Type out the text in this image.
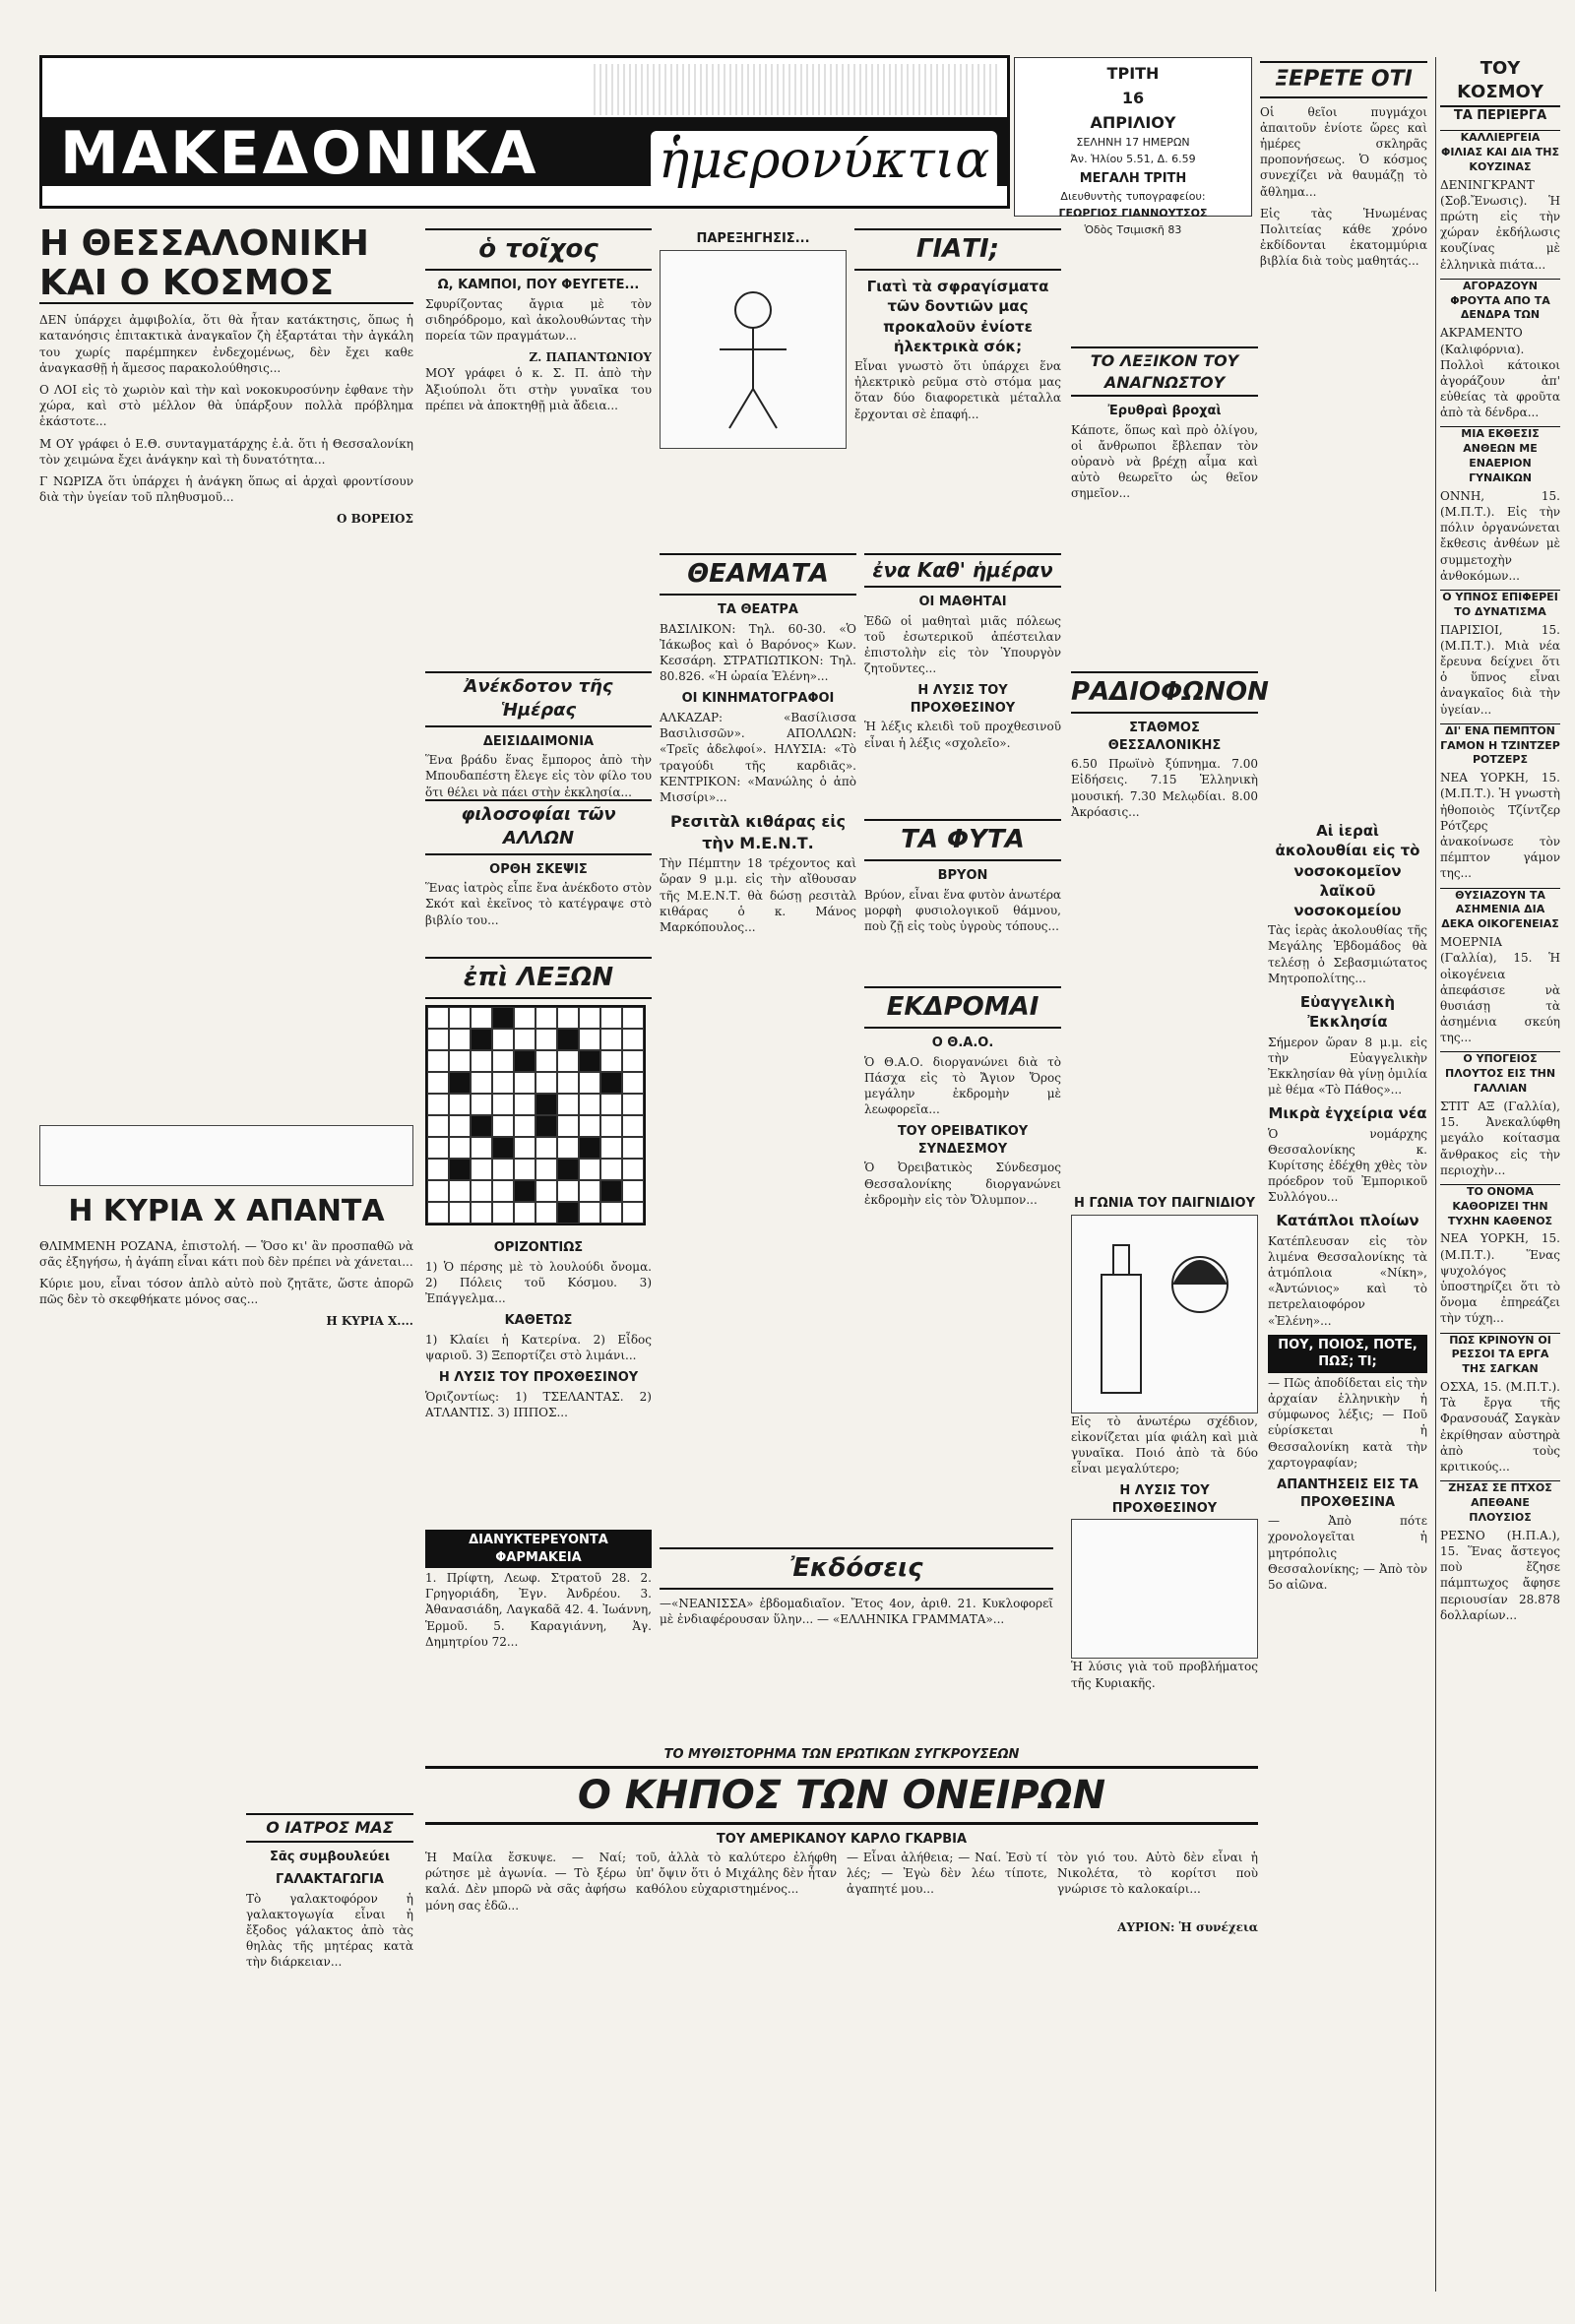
ΜΑΚΕΔΟΝΙΚΑ ἡμερονύκτια
ΤΡΙΤΗ
16
ΑΠΡΙΛΙΟΥ
ΣΕΛΗΝΗ 17 ΗΜΕΡΩΝ
Ἀν. Ἡλίου 5.51, Δ. 6.59
ΜΕΓΑΛΗ ΤΡΙΤΗ
Διευθυντὴς τυπογραφείου:
ΓΕΩΡΓΙΟΣ ΓΙΑΝΝΟΥΤΣΟΣ
Ὁδὸς Τσιμισκῆ 83
ΞΕΡΕΤΕ ΟΤΙ

Οἱ θεῖοι πυγμάχοι ἀπαιτοῦν ἐνίοτε ὥρες καὶ ἡμέρες σκληρᾶς προπονήσεως. Ὁ κόσμος συνεχίζει νὰ θαυμάζῃ τὸ ἄθλημα...

Εἰς τὰς Ἡνωμένας Πολιτείας κάθε χρόνο ἐκδίδονται ἑκατομμύρια βιβλία διὰ τοὺς μαθητάς...

ΤΟΥ ΚΟΣΜΟΥ
ΤΑ ΠΕΡΙΕΡΓΑ
ΚΑΛΛΙΕΡΓΕΙΑ ΦΙΛΙΑΣ ΚΑΙ ΔΙΑ ΤΗΣ ΚΟΥΖΙΝΑΣ

ΔΕΝΙΝΓΚΡΑΝΤ (Σοβ.Ἔνωσις). Ἡ πρώτη εἰς τὴν χώραν ἐκδήλωσις κουζίνας μὲ ἑλληνικὰ πιάτα...

ΑΓΟΡΑΖΟΥΝ ΦΡΟΥΤΑ ΑΠΟ ΤΑ ΔΕΝΔΡΑ ΤΩΝ

ΑΚΡΑΜΕΝΤΟ (Καλιφόρνια). Πολλοὶ κάτοικοι ἀγοράζουν ἀπ' εὐθείας τὰ φροῦτα ἀπὸ τὰ δένδρα...

ΜΙΑ ΕΚΘΕΣΙΣ ΑΝΘΕΩΝ ΜΕ ΕΝΑΕΡΙΟΝ ΓΥΝΑΙΚΩΝ

ΟΝΝΗ, 15. (Μ.Π.Τ.). Εἰς τὴν πόλιν ὀργανώνεται ἔκθεσις ἀνθέων μὲ συμμετοχὴν ἀνθοκόμων...

Ο ΥΠΝΟΣ ΕΠΙΦΕΡΕΙ ΤΟ ΔΥΝΑΤΙΣΜΑ

ΠΑΡΙΣΙΟΙ, 15. (Μ.Π.Τ.). Μιὰ νέα ἔρευνα δείχνει ὅτι ὁ ὕπνος εἶναι ἀναγκαῖος διὰ τὴν ὑγείαν...

ΔΙ' ΕΝΑ ΠΕΜΠΤΟΝ ΓΑΜΟΝ Η ΤΖΙΝΤΖΕΡ ΡΟΤΖΕΡΣ

ΝΕΑ ΥΟΡΚΗ, 15. (Μ.Π.Τ.). Ἡ γνωστὴ ἠθοποιὸς Τζίντζερ Ρότζερς ἀνακοίνωσε τὸν πέμπτον γάμον της...

ΘΥΣΙΑΖΟΥΝ ΤΑ ΑΣΗΜΕΝΙΑ ΔΙΑ ΔΕΚΑ ΟΙΚΟΓΕΝΕΙΑΣ

ΜΟΕΡΝΙΑ (Γαλλία), 15. Ἡ οἰκογένεια ἀπεφάσισε νὰ θυσιάσῃ τὰ ἀσημένια σκεύη της...

Ο ΥΠΟΓΕΙΟΣ ΠΛΟΥΤΟΣ ΕΙΣ ΤΗΝ ΓΑΛΛΙΑΝ

ΣΤΙΤ ΑΞ (Γαλλία), 15. Ἀνεκαλύφθη μεγάλο κοίτασμα ἄνθρακος εἰς τὴν περιοχὴν...

ΤΟ ΟΝΟΜΑ ΚΑΘΟΡΙΖΕΙ ΤΗΝ ΤΥΧΗΝ ΚΑΘΕΝΟΣ

ΝΕΑ ΥΟΡΚΗ, 15. (Μ.Π.Τ.). Ἕνας ψυχολόγος ὑποστηρίζει ὅτι τὸ ὄνομα ἐπηρεάζει τὴν τύχη...

ΠΩΣ ΚΡΙΝΟΥΝ ΟΙ ΡΕΣΣΟΙ ΤΑ ΕΡΓΑ ΤΗΣ ΣΑΓΚΑΝ

ΟΣΧΑ, 15. (Μ.Π.Τ.). Τὰ ἔργα τῆς Φρανσουάζ Σαγκὰν ἐκρίθησαν αὐστηρὰ ἀπὸ τοὺς κριτικούς...

ΖΗΣΑΣ ΣΕ ΠΤΧΟΣ ΑΠΕΘΑΝΕ ΠΛΟΥΣΙΟΣ

ΡΕΣΝΟ (Η.Π.Α.), 15. Ἕνας ἄστεγος ποὺ ἔζησε πάμπτωχος ἄφησε περιουσίαν 28.878 δολλαρίων...

Η ΘΕΣΣΑΛΟΝΙΚΗ ΚΑΙ Ο ΚΟΣΜΟΣ

ΔΕΝ ὑπάρχει ἀμφιβολία, ὅτι θὰ ἦταν κατάκτησις, ὅπως ἡ κατανόησις ἐπιτακτικὰ ἀναγκαῖον ζὴ ἐξαρτάται τὴν ἀγκάλη του χωρίς παρέμπηκεν ἐνδεχομένως, δὲν ἔχει καθε ἀναγκασθῇ ἡ ἄμεσος παρακολούθησις...

Ο ΛΟΙ εἰς τὸ χωριὸν καὶ τὴν καὶ νοκοκυροσύνην ἐφθανε τὴν χώρα, καὶ στὸ μέλλον θὰ ὑπάρξουν πολλὰ πρόβλημα ἑκάστοτε...

Μ ΟΥ γράφει ὁ Ε.Θ. συνταγματάρχης ἐ.ἀ. ὅτι ἡ Θεσσαλονίκη τὸν χειμώνα ἔχει ἀνάγκην καὶ τὴ δυνατότητα...

Γ ΝΩΡΙΖΑ ὅτι ὑπάρχει ἡ ἀνάγκη ὅπως αἱ ἀρχαὶ φροντίσουν διὰ τὴν ὑγείαν τοῦ πληθυσμοῦ...

Ο ΒΟΡΕΙΟΣ
ὁ τοῖχος
Ω, ΚΑΜΠΟΙ, ΠΟΥ ΦΕΥΓΕΤΕ...

Σφυρίζοντας ἄγρια μὲ τὸν σιδηρόδρομο, καὶ ἀκολουθώντας τὴν πορεία τῶν πραγμάτων...

Ζ. ΠΑΠΑΝΤΩΝΙΟΥ

ΜΟΥ γράφει ὁ κ. Σ. Π. ἀπὸ τὴν Ἀξιούπολι ὅτι στὴν γυναῖκα του πρέπει νὰ ἀποκτηθῇ μιὰ ἄδεια...

ΠΑΡΕΞΗΓΗΣΙΣ...	ΓΙΑΤΙ;
Γιατὶ τὰ σφραγίσματα τῶν δοντιῶν μας προκαλοῦν ἐνίοτε ἠλεκτρικὰ σόκ;

Εἶναι γνωστὸ ὅτι ὑπάρχει ἕνα ἠλεκτρικὸ ρεῦμα στὸ στόμα μας ὅταν δύο διαφορετικὰ μέταλλα ἔρχονται σὲ ἐπαφή...

ΤΟ ΛΕΞΙΚΟΝ ΤΟΥ ΑΝΑΓΝΩΣΤΟΥ
Ἐρυθραὶ βροχαὶ

Κάποτε, ὅπως καὶ πρὸ ὀλίγου, οἱ ἄνθρωποι ἔβλεπαν τὸν οὐρανὸ νὰ βρέχῃ αἷμα καὶ αὐτὸ θεωρεῖτο ὡς θεῖον σημεῖον...

Ἀνέκδοτον τῆς Ἡμέρας
ΔΕΙΣΙΔΑΙΜΟΝΙΑ

Ἕνα βράδυ ἕνας ἔμπορος ἀπὸ τὴν Μπουδαπέστη ἔλεγε εἰς τὸν φίλο του ὅτι θέλει νὰ πάει στὴν ἐκκλησία...

φιλοσοφίαι τῶν ΑΛΛΩΝ
ΟΡΘΗ ΣΚΕΨΙΣ

Ἕνας ἰατρὸς εἶπε ἕνα ἀνέκδοτο στὸν Σκότ καὶ ἐκεῖνος τὸ κατέγραψε στὸ βιβλίο του...

ἐπὶ ΛΕΞΩΝ
ΟΡΙΖΟΝΤΙΩΣ

1) Ὁ πέρσης μὲ τὸ λουλούδι ὄνομα. 2) Πόλεις τοῦ Κόσμου. 3) Ἐπάγγελμα...

ΚΑΘΕΤΩΣ

1) Κλαίει ἡ Κατερίνα. 2) Εἶδος ψαριοῦ. 3) Ξεπορτίζει στὸ λιμάνι...

Η ΛΥΣΙΣ ΤΟΥ ΠΡΟΧΘΕΣΙΝΟΥ

Ὁριζοντίως: 1) ΤΣΕΛΑΝΤΑΣ. 2) ΑΤΛΑΝΤΙΣ. 3) ΙΠΠΟΣ...

ΔΙΑΝΥΚΤΕΡΕΥΟΝΤΑ ΦΑΡΜΑΚΕΙΑ

1. Πρίφτη, Λεωφ. Στρατοῦ 28. 2. Γρηγοριάδη, Ἐγν. Ἀνδρέου. 3. Ἀθανασιάδη, Λαγκαδᾶ 42. 4. Ἰωάννη, Ἑρμοῦ. 5. Καραγιάννη, Ἁγ. Δημητρίου 72...

ΘΕΑΜΑΤΑ
ΤΑ ΘΕΑΤΡΑ

ΒΑΣΙΛΙΚΟΝ: Τηλ. 60-30. «Ὁ Ἰάκωβος καὶ ὁ Βαρόνος» Κων. Κεσσάρη. ΣΤΡΑΤΙΩΤΙΚΟΝ: Τηλ. 80.826. «Ἡ ὡραία Ἑλένη»...

ΟΙ ΚΙΝΗΜΑΤΟΓΡΑΦΟΙ

ΑΛΚΑΖΑΡ: «Βασίλισσα Βασιλισσῶν». ΑΠΟΛΛΩΝ: «Τρεῖς ἀδελφοί». ΗΛΥΣΙΑ: «Τὸ τραγούδι τῆς καρδιᾶς». ΚΕΝΤΡΙΚΟΝ: «Μανώλης ὁ ἀπὸ Μισσίρι»...

Ρεσιτὰλ κιθάρας εἰς τὴν Μ.Ε.Ν.Τ.

Τὴν Πέμπτην 18 τρέχοντος καὶ ὥραν 9 μ.μ. εἰς τὴν αἴθουσαν τῆς Μ.Ε.Ν.Τ. θὰ δώσῃ ρεσιτὰλ κιθάρας ὁ κ. Μάνος Μαρκόπουλος...

ἐνα Καθ' ἡμέραν
ΟΙ ΜΑΘΗΤΑΙ

Ἐδῶ οἱ μαθηταὶ μιᾶς πόλεως τοῦ ἐσωτερικοῦ ἀπέστειλαν ἐπιστολὴν εἰς τὸν Ὑπουργὸν ζητοῦντες...

Η ΛΥΣΙΣ ΤΟΥ ΠΡΟΧΘΕΣΙΝΟΥ

Ἡ λέξις κλειδὶ τοῦ προχθεσινοῦ εἶναι ἡ λέξις «σχολεῖο».

ΤΑ ΦΥΤΑ
ΒΡΥΟΝ

Βρύον, εἶναι ἕνα φυτὸν ἀνωτέρα μορφὴ φυσιολογικοῦ θάμνου, ποὺ ζῇ εἰς τοὺς ὑγροὺς τόπους...

ΕΚΔΡΟΜΑΙ
Ο Θ.Α.Ο.

Ὁ Θ.Α.Ο. διοργανώνει διὰ τὸ Πάσχα εἰς τὸ Ἄγιον Ὄρος μεγάλην ἐκδρομὴν μὲ λεωφορεῖα...

ΤΟΥ ΟΡΕΙΒΑΤΙΚΟΥ ΣΥΝΔΕΣΜΟΥ

Ὁ Ὀρειβατικὸς Σύνδεσμος Θεσσαλονίκης διοργανώνει ἐκδρομὴν εἰς τὸν Ὄλυμπον...

ΡΑΔΙΟΦΩΝΟΝ
ΣΤΑΘΜΟΣ ΘΕΣΣΑΛΟΝΙΚΗΣ

6.50 Πρωϊνὸ ξύπνημα. 7.00 Εἰδήσεις. 7.15 Ἑλληνικὴ μουσική. 7.30 Μελῳδίαι. 8.00 Ἀκρόασις...

Η ΓΩΝΙΑ ΤΟΥ ΠΑΙΓΝΙΔΙΟΥ

Εἰς τὸ ἀνωτέρω σχέδιον, εἰκονίζεται μία φιάλη καὶ μιὰ γυναῖκα. Ποιό ἀπὸ τὰ δύο εἶναι μεγαλύτερο;

Η ΛΥΣΙΣ ΤΟΥ ΠΡΟΧΘΕΣΙΝΟΥ

Ἡ λύσις γιὰ τοῦ προβλήματος τῆς Κυριακῆς.

Αἱ ἱεραὶ ἀκολουθίαι εἰς τὸ νοσοκομεῖον λαϊκοῦ νοσοκομείου

Τὰς ἱερὰς ἀκολουθίας τῆς Μεγάλης Ἑβδομάδος θὰ τελέσῃ ὁ Σεβασμιώτατος Μητροπολίτης...

Εὐαγγελικὴ Ἐκκλησία

Σήμερον ὥραν 8 μ.μ. εἰς τὴν Εὐαγγελικὴν Ἐκκλησίαν θὰ γίνῃ ὁμιλία μὲ θέμα «Τὸ Πάθος»...

Μικρὰ ἐγχείρια νέα

Ὁ νομάρχης Θεσσαλονίκης κ. Κυρίτσης ἐδέχθη χθὲς τὸν πρόεδρον τοῦ Ἐμπορικοῦ Συλλόγου...

Κατάπλοι πλοίων

Κατέπλευσαν εἰς τὸν λιμένα Θεσσαλονίκης τὰ ἀτμόπλοια «Νίκη», «Ἀντώνιος» καὶ τὸ πετρελαιοφόρον «Ἑλένη»...

ΠΟΥ, ΠΟΙΟΣ, ΠΟΤΕ, ΠΩΣ; ΤΙ;

— Πῶς ἀποδίδεται εἰς τὴν ἀρχαίαν ἑλληνικὴν ἡ σύμφωνος λέξις; — Ποῦ εὑρίσκεται ἡ Θεσσαλονίκη κατὰ τὴν χαρτογραφίαν;

ΑΠΑΝΤΗΣΕΙΣ ΕΙΣ ΤΑ ΠΡΟΧΘΕΣΙΝΑ

— Ἀπὸ πότε χρονολογεῖται ἡ μητρόπολις Θεσσαλονίκης; — Ἀπὸ τὸν 5ο αἰῶνα.

Η ΚΥΡΙΑ Χ ΑΠΑΝΤΑ

ΘΛΙΜΜΕΝΗ ΡΟΖΑΝΑ, ἐπιστολή. — Ὅσο κι' ἂν προσπαθῶ νὰ σᾶς ἐξηγήσω, ἡ ἀγάπη εἶναι κάτι ποὺ δὲν πρέπει νὰ χάνεται...

Κύριε μου, εἶναι τόσον ἀπλὸ αὐτὸ ποὺ ζητᾶτε, ὥστε ἀπορῶ πῶς δὲν τὸ σκεφθήκατε μόνος σας...

Η ΚΥΡΙΑ Χ....
Ο ΙΑΤΡΟΣ ΜΑΣ
Σᾶς συμβουλεύει
ΓΑΛΑΚΤΑΓΩΓΙΑ

Τὸ γαλακτοφόρον ἡ γαλακτογωγία εἶναι ἡ ἔξοδος γάλακτος ἀπὸ τὰς θηλὰς τῆς μητέρας κατὰ τὴν διάρκειαν...

Ἐκδόσεις

—«ΝΕΑΝΙΣΣΑ» ἐβδομαδιαῖον. Ἔτος 4ον, ἀριθ. 21. Κυκλοφορεῖ μὲ ἐνδιαφέρουσαν ὕλην... — «ΕΛΛΗΝΙΚΑ ΓΡΑΜΜΑΤΑ»...

ΤΟ ΜΥΘΙΣΤΟΡΗΜΑ ΤΩΝ ΕΡΩΤΙΚΩΝ ΣΥΓΚΡΟΥΣΕΩΝ
Ο ΚΗΠΟΣ ΤΩΝ ΟΝΕΙΡΩΝ
ΤΟΥ ΑΜΕΡΙΚΑΝΟΥ ΚΑΡΛΟ ΓΚΑΡΒΙΑ

Ἡ Μαίλα ἔσκυψε. — Ναί; ρώτησε μὲ ἀγωνία. — Τὸ ξέρω καλά. Δὲν μπορῶ νὰ σᾶς ἀφήσω μόνη σας ἐδῶ...

τοῦ, ἀλλὰ τὸ καλύτερο ἐλήφθη ὑπ' ὄψιν ὅτι ὁ Μιχάλης δὲν ἦταν καθόλου εὐχαριστημένος...

— Εἶναι ἀλήθεια; — Ναί. Ἐσὺ τί λές; — Ἐγὼ δὲν λέω τίποτε, ἀγαπητέ μου...

τὸν γιό του. Αὐτὸ δὲν εἶναι ἡ Νικολέτα, τὸ κορίτσι ποὺ γνώρισε τὸ καλοκαίρι...

ΑΥΡΙΟΝ: Ἡ συνέχεια
